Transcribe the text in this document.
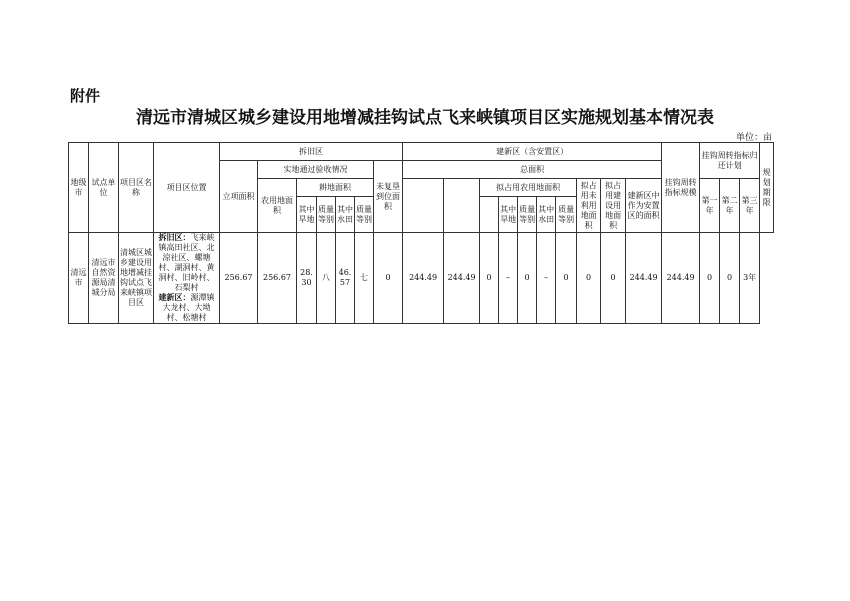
附件
清远市清城区城乡建设用地增减挂钩试点飞来峡镇项目区实施规划基本情况表
单位：亩
地级市	试点单位	项目区名称	项目区位置	拆旧区							建新区（含安置区）										挂钩周转指标规模	挂钩周转指标归还计划			规划期限
				立项面积	实地通过验收情况					未复垦到位面积	总面积														
					农用地面积	耕地面积							拟占用农用地面积					拟占用未利用地面积	拟占用建设用地面积	建新区中作为安置区的面积		第一年	第二年	第三年	
						其中旱地	质量等别	其中水田	质量等别					其中旱地	质量等别	其中水田	质量等别								

清远市	清远市自然资源局清城分局	清城区城乡建设用地增减挂钩试点飞来峡镇项目区	拆旧区：飞来峡镇高田社区、北涼社区、螺塘村、湖洞村、黄洞村、旧岭村、石梨村
建新区：源潭镇大龙村、大坳村、松塘村	256.67	256.67	28.30	八	46.57	七	0	244.49	244.49	0	–	0	–	0	0	0	244.49	244.49	0	0	3年	
